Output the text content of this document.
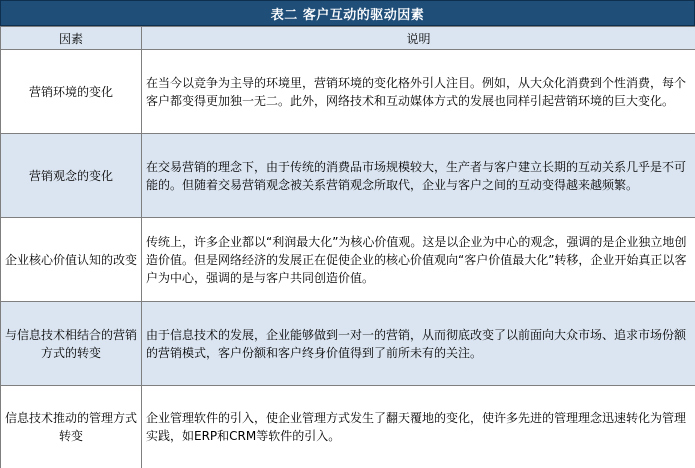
表二 客户互动的驱动因素
因素	说明
营销环境的变化	在当今以竞争为主导的环境里，营销环境的变化格外引人注目。例如，从大众化消费到个性消费，每个客户都变得更加独一无二。此外，网络技术和互动媒体方式的发展也同样引起营销环境的巨大变化。
营销观念的变化	在交易营销的理念下，由于传统的消费品市场规模较大，生产者与客户建立长期的互动关系几乎是不可能的。但随着交易营销观念被关系营销观念所取代，企业与客户之间的互动变得越来越频繁。
企业核心价值认知的改变	传统上，许多企业都以“利润最大化”为核心价值观。这是以企业为中心的观念，强调的是企业独立地创造价值。但是网络经济的发展正在促使企业的核心价值观向“客户价值最大化”转移，企业开始真正以客户为中心，强调的是与客户共同创造价值。
与信息技术相结合的营销方式的转变	由于信息技术的发展，企业能够做到一对一的营销，从而彻底改变了以前面向大众市场、追求市场份额的营销模式，客户份额和客户终身价值得到了前所未有的关注。
信息技术推动的管理方式转变	企业管理软件的引入，使企业管理方式发生了翻天覆地的变化，使许多先进的管理理念迅速转化为管理实践，如ERP和CRM等软件的引入。
